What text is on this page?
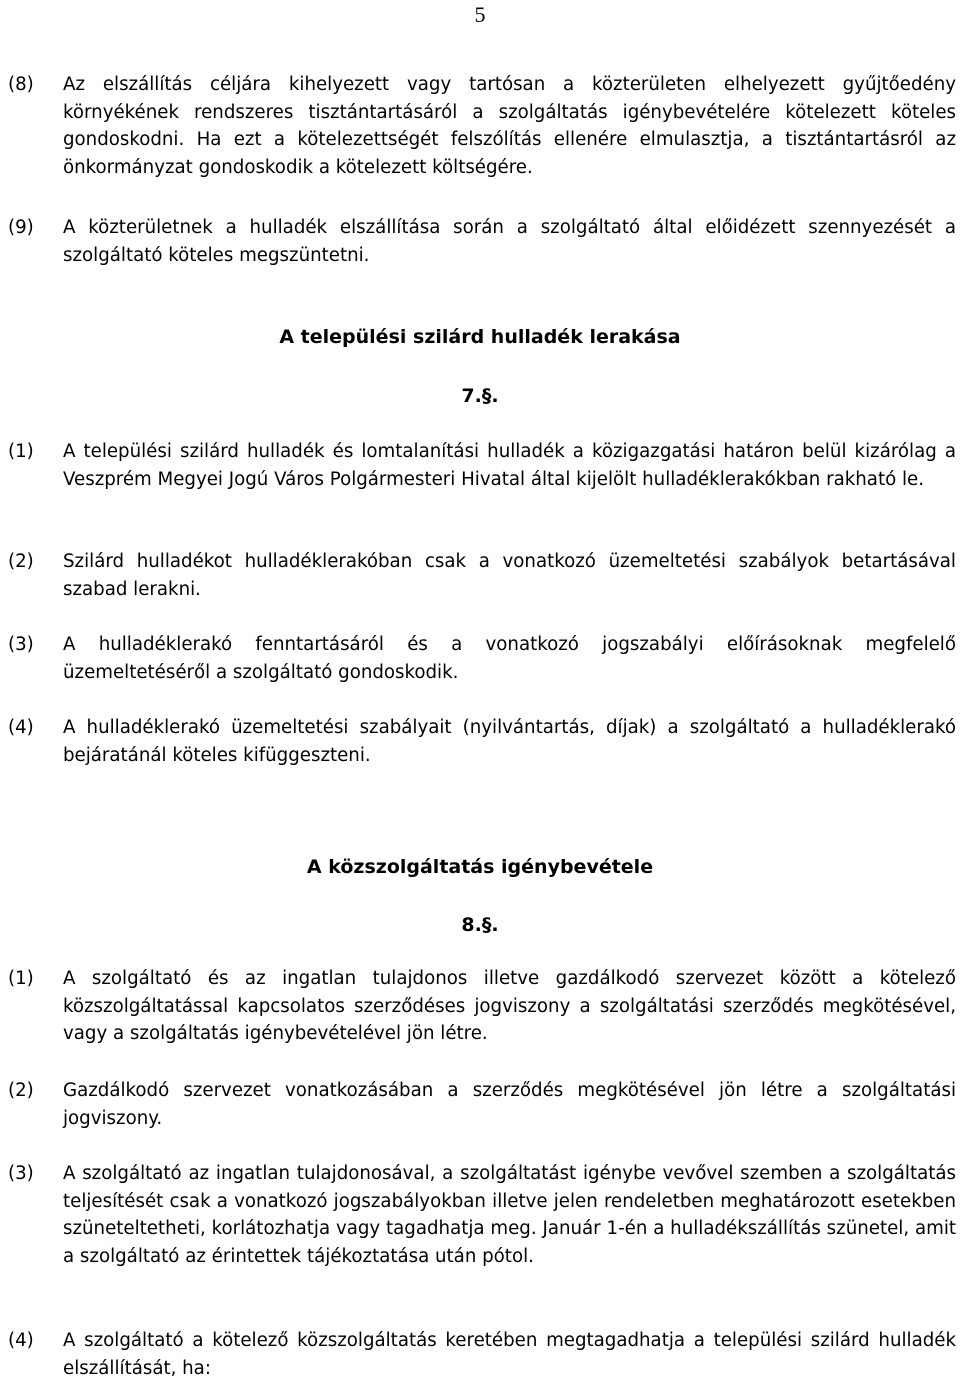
5
(8)	Az elszállítás céljára kihelyezett vagy tartósan a közterületen elhelyezett gyűjtőedény környékének rendszeres tisztántartásáról a szolgáltatás igénybevételére kötelezett köteles gondoskodni. Ha ezt a kötelezettségét felszólítás ellenére elmulasztja, a tisztántartásról az önkormányzat gondoskodik a kötelezett költségére.
(9)	A közterületnek a hulladék elszállítása során a szolgáltató által előidézett szennyezését a szolgáltató köteles megszüntetni.
A települési szilárd hulladék lerakása
7.§.
(1)	A települési szilárd hulladék és lomtalanítási hulladék a közigazgatási határon belül kizárólag a Veszprém Megyei Jogú Város Polgármesteri Hivatal által kijelölt hulladéklerakókban rakható le.
(2)	Szilárd hulladékot hulladéklerakóban csak a vonatkozó üzemeltetési szabályok betartásával szabad lerakni.
(3)	A hulladéklerakó fenntartásáról és a vonatkozó jogszabályi előírásoknak megfelelő üzemeltetéséről a szolgáltató gondoskodik.
(4)	A hulladéklerakó üzemeltetési szabályait (nyilvántartás, díjak) a szolgáltató a hulladéklerakó bejáratánál köteles kifüggeszteni.
A közszolgáltatás igénybevétele
8.§.
(1)	A szolgáltató és az ingatlan tulajdonos illetve gazdálkodó szervezet között a kötelező közszolgáltatással kapcsolatos szerződéses jogviszony a szolgáltatási szerződés megkötésével, vagy a szolgáltatás igénybevételével jön létre.
(2)	Gazdálkodó szervezet vonatkozásában a szerződés megkötésével jön létre a szolgáltatási jogviszony.
(3)	A szolgáltató az ingatlan tulajdonosával, a szolgáltatást igénybe vevővel szemben a szolgáltatás teljesítését csak a vonatkozó jogszabályokban illetve jelen rendeletben meghatározott esetekben szüneteltetheti, korlátozhatja vagy tagadhatja meg. Január 1-én a hulladékszállítás szünetel, amit a szolgáltató az érintettek tájékoztatása után pótol.
(4)	A szolgáltató a kötelező közszolgáltatás keretében megtagadhatja a települési szilárd hulladék elszállítását, ha:
